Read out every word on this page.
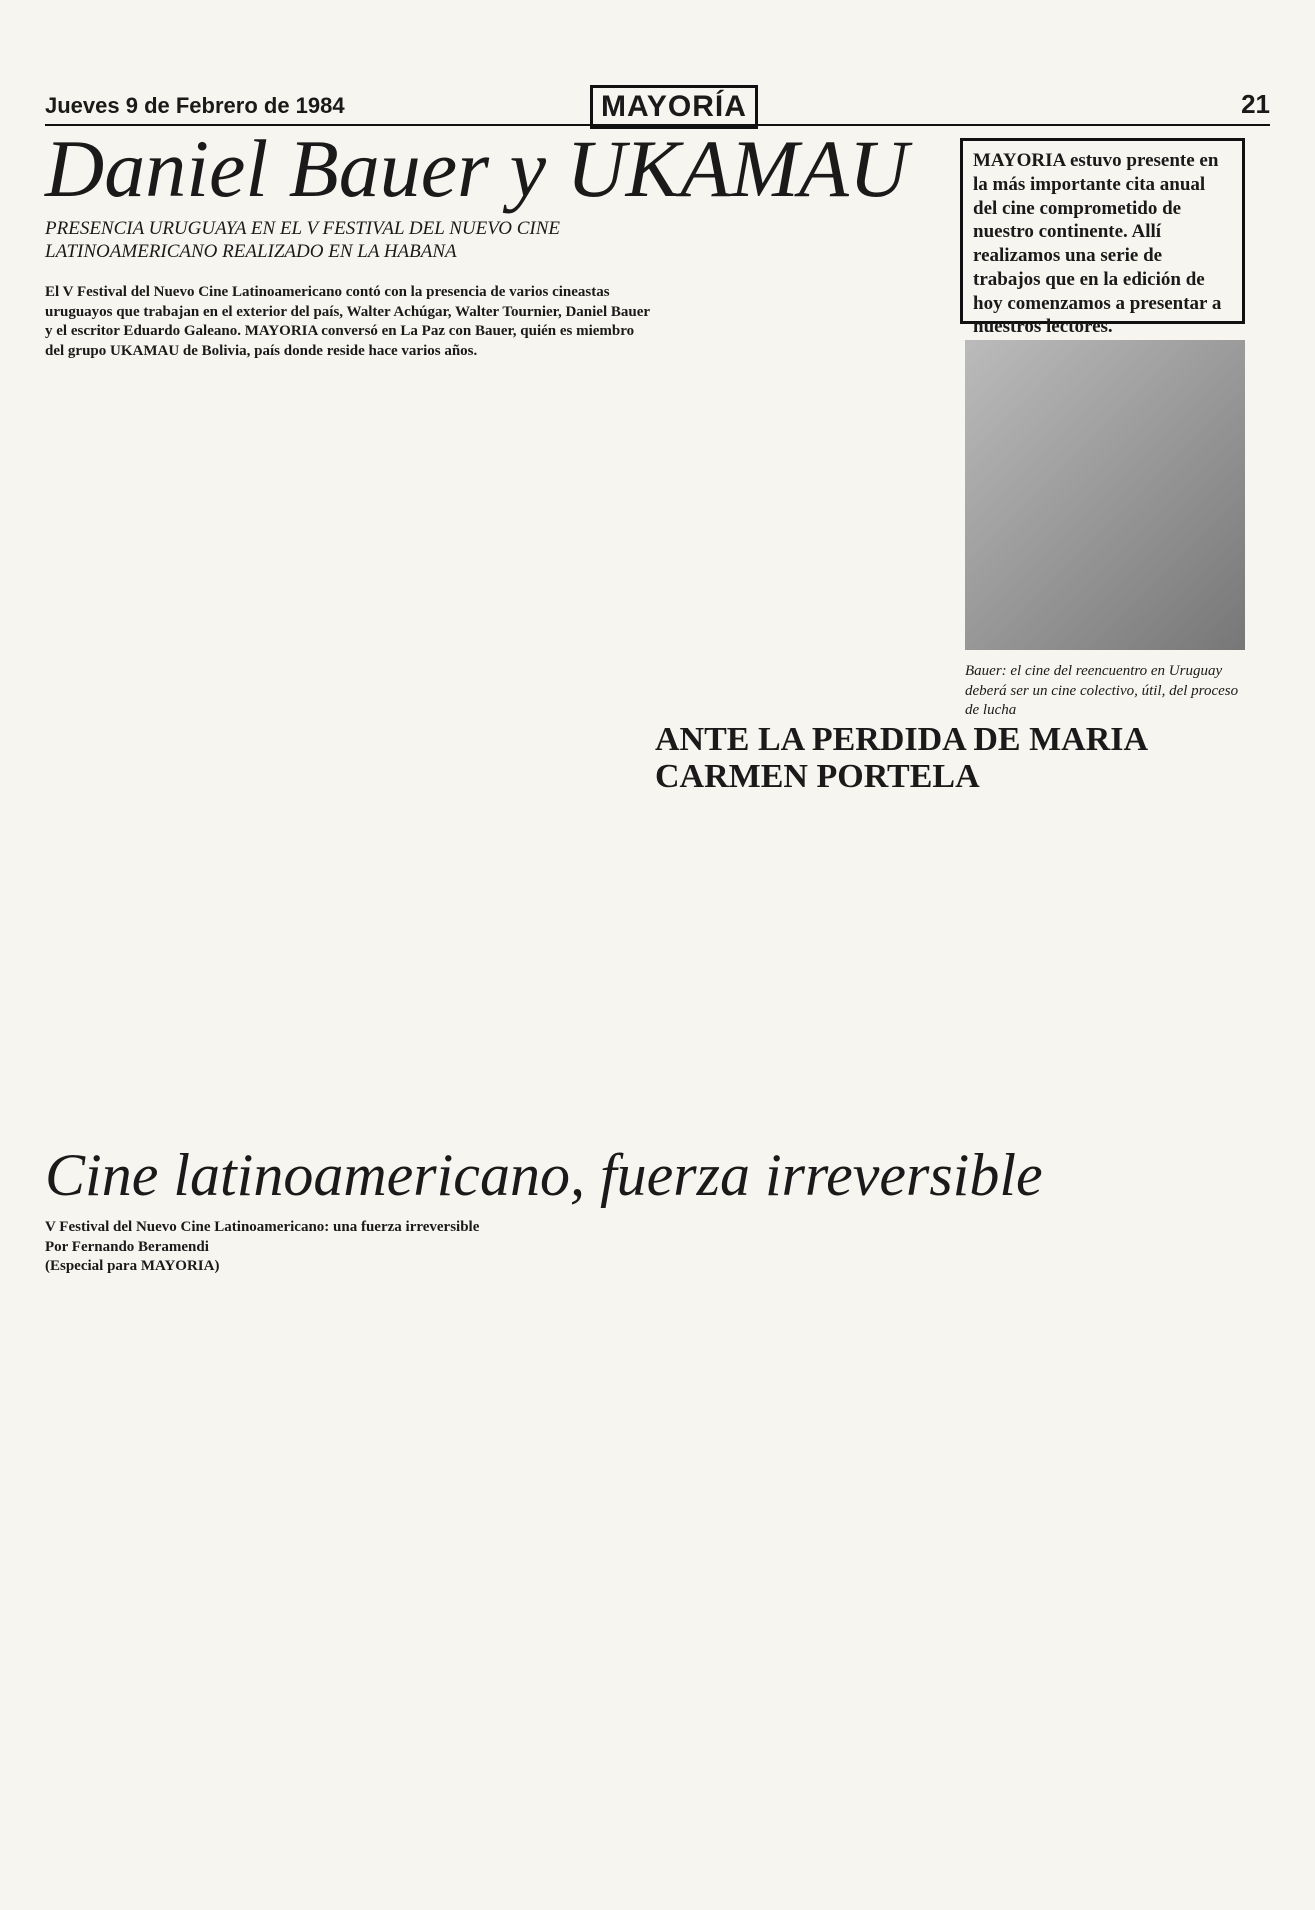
Jueves 9 de Febrero de 1984	MAYORÍA	21
Daniel Bauer y UKAMAU
PRESENCIA URUGUAYA EN EL V FESTIVAL DEL NUEVO CINE LATINOAMERICANO REALIZADO EN LA HABANA

El V Festival del Nuevo Cine Latinoamericano contó con la presencia de varios cineastas uruguayos que trabajan en el exterior del país, Walter Achúgar, Walter Tournier, Daniel Bauer y el escritor Eduardo Galeano. MAYORIA conversó en La Paz con Bauer, quién es miembro del grupo UKAMAU de Bolivia, país donde reside hace varios años.

MAYORIA estuvo presente en la más importante cita anual del cine comprometido de nuestro continente. Allí realizamos una serie de trabajos que en la edición de hoy comenzamos a presentar a nuestros lectores.
Bauer: el cine del reencuentro en Uruguay deberá ser un cine colectivo, útil, del proceso de lucha
ANTE LA PERDIDA DE MARIA CARMEN PORTELA
Cine latinoamericano, fuerza irreversible
V Festival del Nuevo Cine Latinoamericano: una fuerza irreversible
Por Fernando Beramendi
(Especial para MAYORIA)
